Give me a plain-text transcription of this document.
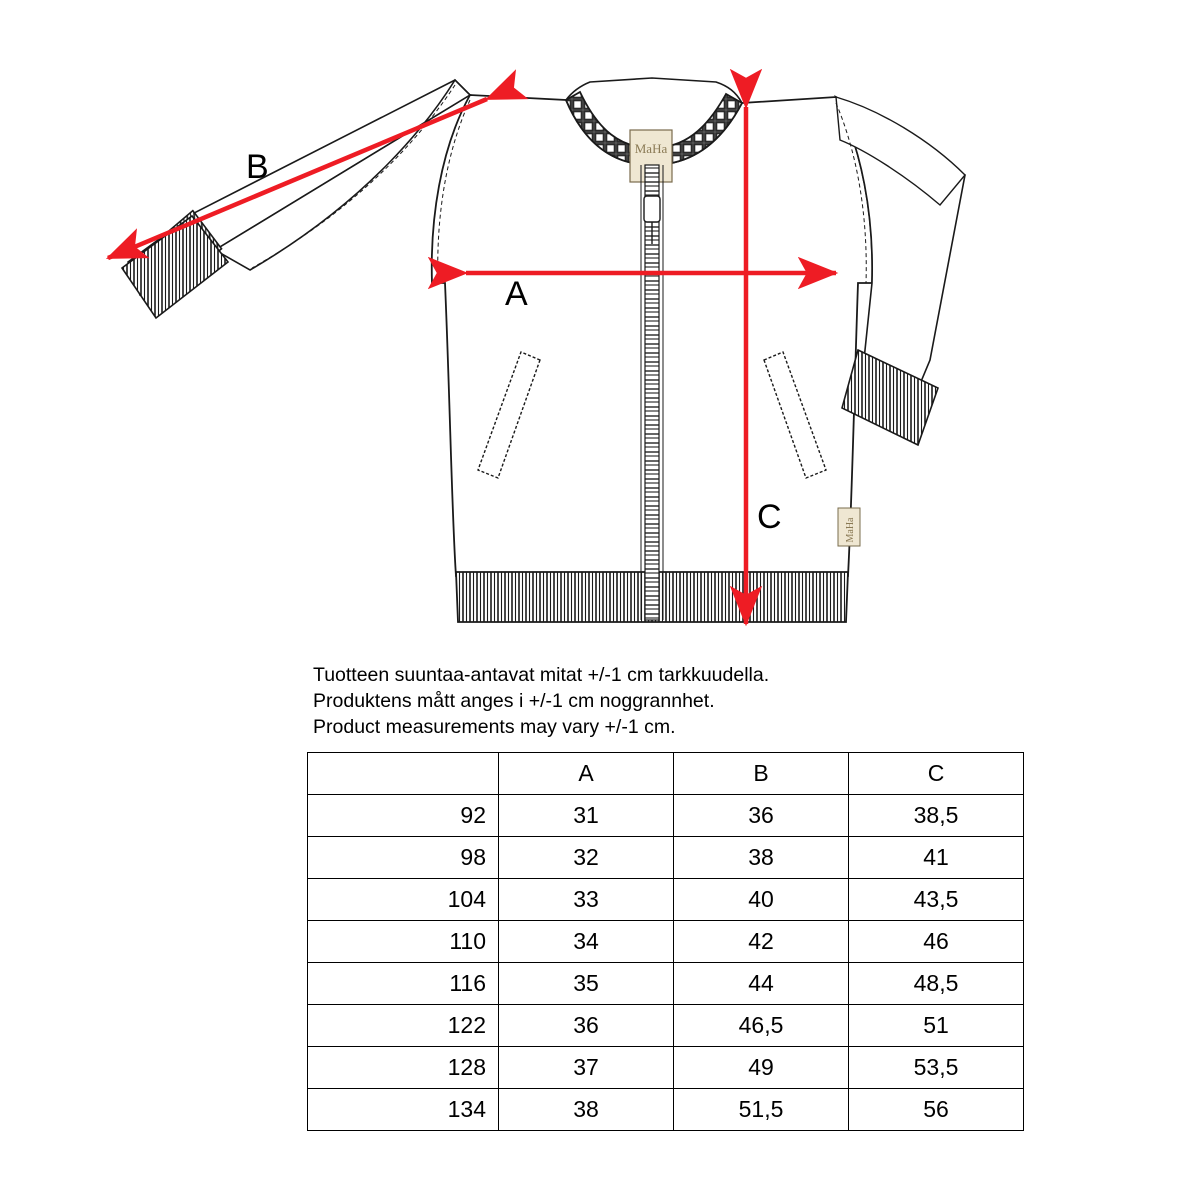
MaHa
MaHa
B
A
C
Tuotteen suuntaa-antavat mitat +/-1 cm tarkkuudella.
Produktens mått anges i +/-1 cm noggrannhet.
Product measurements may vary +/-1 cm.
	A	B	C
92	31	36	38,5
98	32	38	41
104	33	40	43,5
110	34	42	46
116	35	44	48,5
122	36	46,5	51
128	37	49	53,5
134	38	51,5	56
